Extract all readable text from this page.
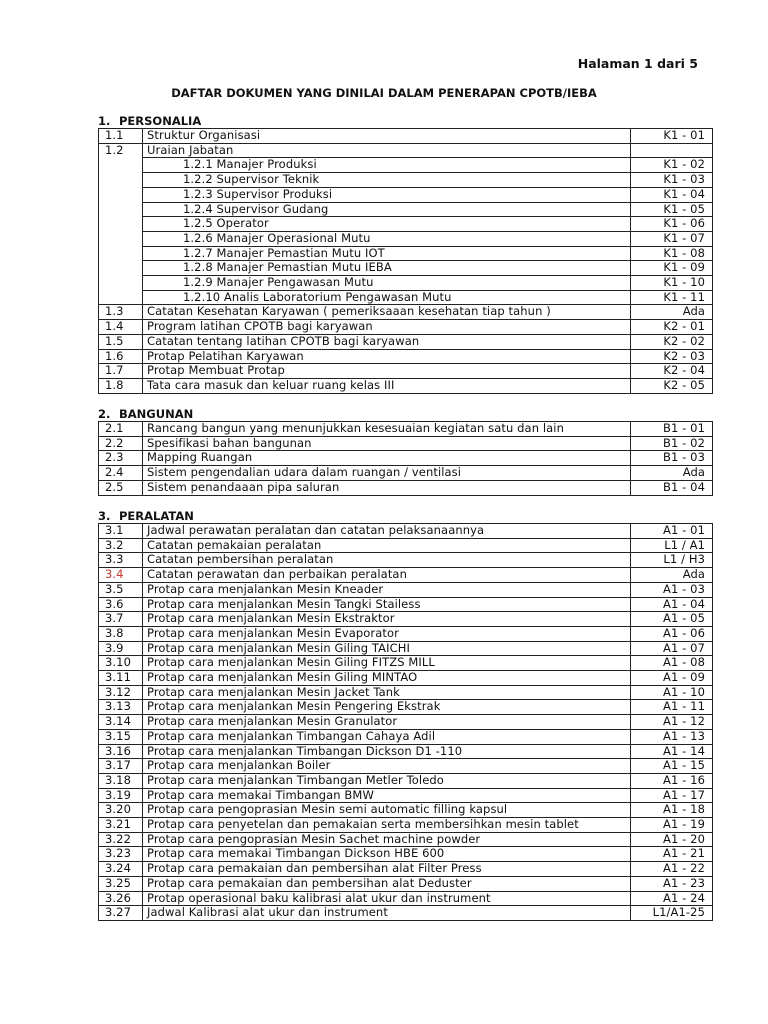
Halaman 1 dari 5
DAFTAR DOKUMEN YANG DINILAI DALAM PENERAPAN CPOTB/IEBA
1. PERSONALIA
1.1	Struktur Organisasi	K1 - 01
1.2	Uraian Jabatan	
	1.2.1 Manajer Produksi	K1 - 02
	1.2.2 Supervisor Teknik	K1 - 03
	1.2.3 Supervisor Produksi	K1 - 04
	1.2.4 Supervisor Gudang	K1 - 05
	1.2.5 Operator	K1 - 06
	1.2.6 Manajer Operasional Mutu	K1 - 07
	1.2.7 Manajer Pemastian Mutu IOT	K1 - 08
	1.2.8 Manajer Pemastian Mutu IEBA	K1 - 09
	1.2.9 Manajer Pengawasan Mutu	K1 - 10
	1.2.10 Analis Laboratorium Pengawasan Mutu	K1 - 11
1.3	Catatan Kesehatan Karyawan ( pemeriksaaan kesehatan tiap tahun )	Ada
1.4	Program latihan CPOTB bagi karyawan	K2 - 01
1.5	Catatan tentang latihan CPOTB bagi karyawan	K2 - 02
1.6	Protap Pelatihan Karyawan	K2 - 03
1.7	Protap Membuat Protap	K2 - 04
1.8	Tata cara masuk dan keluar ruang kelas III	K2 - 05
2. BANGUNAN
2.1	Rancang bangun yang menunjukkan kesesuaian kegiatan satu dan lain	B1 - 01
2.2	Spesifikasi bahan bangunan	B1 - 02
2.3	Mapping Ruangan	B1 - 03
2.4	Sistem pengendalian udara dalam ruangan / ventilasi	Ada
2.5	Sistem penandaaan pipa saluran	B1 - 04
3. PERALATAN
3.1	Jadwal perawatan peralatan dan catatan pelaksanaannya	A1 - 01
3.2	Catatan pemakaian peralatan	L1 / A1
3.3	Catatan pembersihan peralatan	L1 / H3
3.4	Catatan perawatan dan perbaikan peralatan	Ada
3.5	Protap cara menjalankan Mesin Kneader	A1 - 03
3.6	Protap cara menjalankan Mesin Tangki Stailess	A1 - 04
3.7	Protap cara menjalankan Mesin Ekstraktor	A1 - 05
3.8	Protap cara menjalankan Mesin Evaporator	A1 - 06
3.9	Protap cara menjalankan Mesin Giling TAICHI	A1 - 07
3.10	Protap cara menjalankan Mesin Giling FITZS MILL	A1 - 08
3.11	Protap cara menjalankan Mesin Giling MINTAO	A1 - 09
3.12	Protap cara menjalankan Mesin Jacket Tank	A1 - 10
3.13	Protap cara menjalankan Mesin Pengering Ekstrak	A1 - 11
3.14	Protap cara menjalankan Mesin Granulator	A1 - 12
3.15	Protap cara menjalankan Timbangan Cahaya Adil	A1 - 13
3.16	Protap cara menjalankan Timbangan Dickson D1 -110	A1 - 14
3.17	Protap cara menjalankan Boiler	A1 - 15
3.18	Protap cara menjalankan Timbangan Metler Toledo	A1 - 16
3.19	Protap cara memakai Timbangan BMW	A1 - 17
3.20	Protap cara pengoprasian Mesin semi automatic filling kapsul	A1 - 18
3.21	Protap cara penyetelan dan pemakaian serta membersihkan mesin tablet	A1 - 19
3.22	Protap cara pengoprasian Mesin Sachet machine powder	A1 - 20
3.23	Protap cara memakai Timbangan Dickson HBE 600	A1 - 21
3.24	Protap cara pemakaian dan pembersihan alat Filter Press	A1 - 22
3.25	Protap cara pemakaian dan pembersihan alat Deduster	A1 - 23
3.26	Protap operasional baku kalibrasi alat ukur dan instrument	A1 - 24
3.27	Jadwal Kalibrasi alat ukur dan instrument	L1/A1-25
